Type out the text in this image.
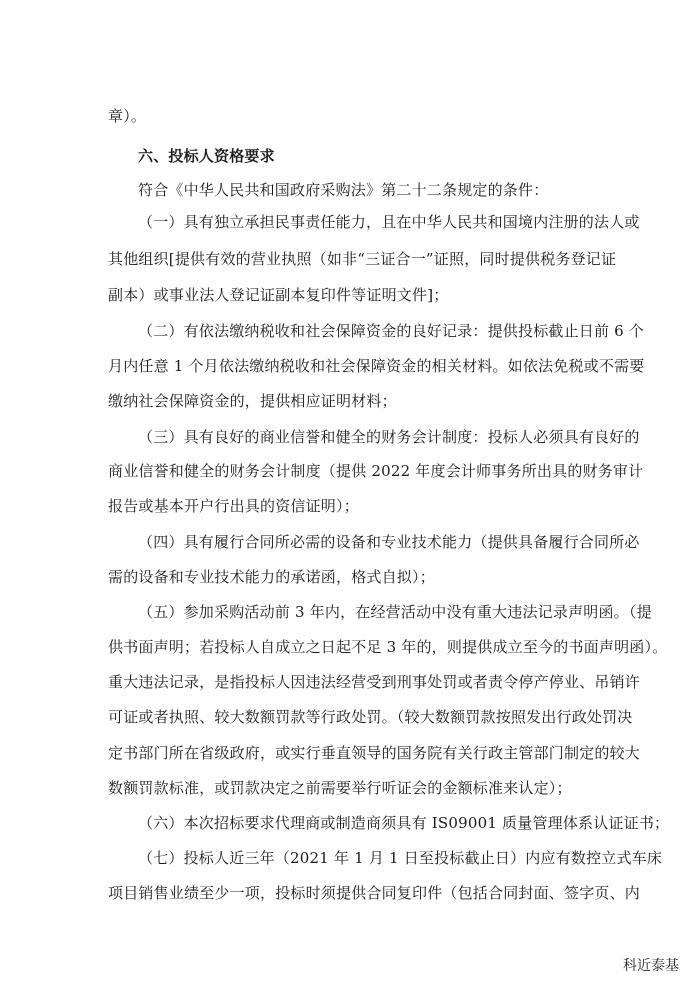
章）。
六、投标人资格要求
符合《中华人民共和国政府采购法》第二十二条规定的条件：
（一）具有独立承担民事责任能力，且在中华人民共和国境内注册的法人或
其他组织[提供有效的营业执照（如非“三证合一”证照，同时提供税务登记证
副本）或事业法人登记证副本复印件等证明文件]；
（二）有依法缴纳税收和社会保障资金的良好记录：提供投标截止日前 6 个
月内任意 1 个月依法缴纳税收和社会保障资金的相关材料。如依法免税或不需要
缴纳社会保障资金的，提供相应证明材料；
（三）具有良好的商业信誉和健全的财务会计制度：投标人必须具有良好的
商业信誉和健全的财务会计制度（提供 2022 年度会计师事务所出具的财务审计
报告或基本开户行出具的资信证明）；
（四）具有履行合同所必需的设备和专业技术能力（提供具备履行合同所必
需的设备和专业技术能力的承诺函，格式自拟）；
（五）参加采购活动前 3 年内，在经营活动中没有重大违法记录声明函。（提
供书面声明；若投标人自成立之日起不足 3 年的，则提供成立至今的书面声明函）。
重大违法记录，是指投标人因违法经营受到刑事处罚或者责令停产停业、吊销许
可证或者执照、较大数额罚款等行政处罚。（较大数额罚款按照发出行政处罚决
定书部门所在省级政府，或实行垂直领导的国务院有关行政主管部门制定的较大
数额罚款标准，或罚款决定之前需要举行听证会的金额标准来认定）；
（六）本次招标要求代理商或制造商须具有 IS09001 质量管理体系认证证书；
（七）投标人近三年（2021 年 1 月 1 日至投标截止日）内应有数控立式车床
项目销售业绩至少一项，投标时须提供合同复印件（包括合同封面、签字页、内
科近泰基
